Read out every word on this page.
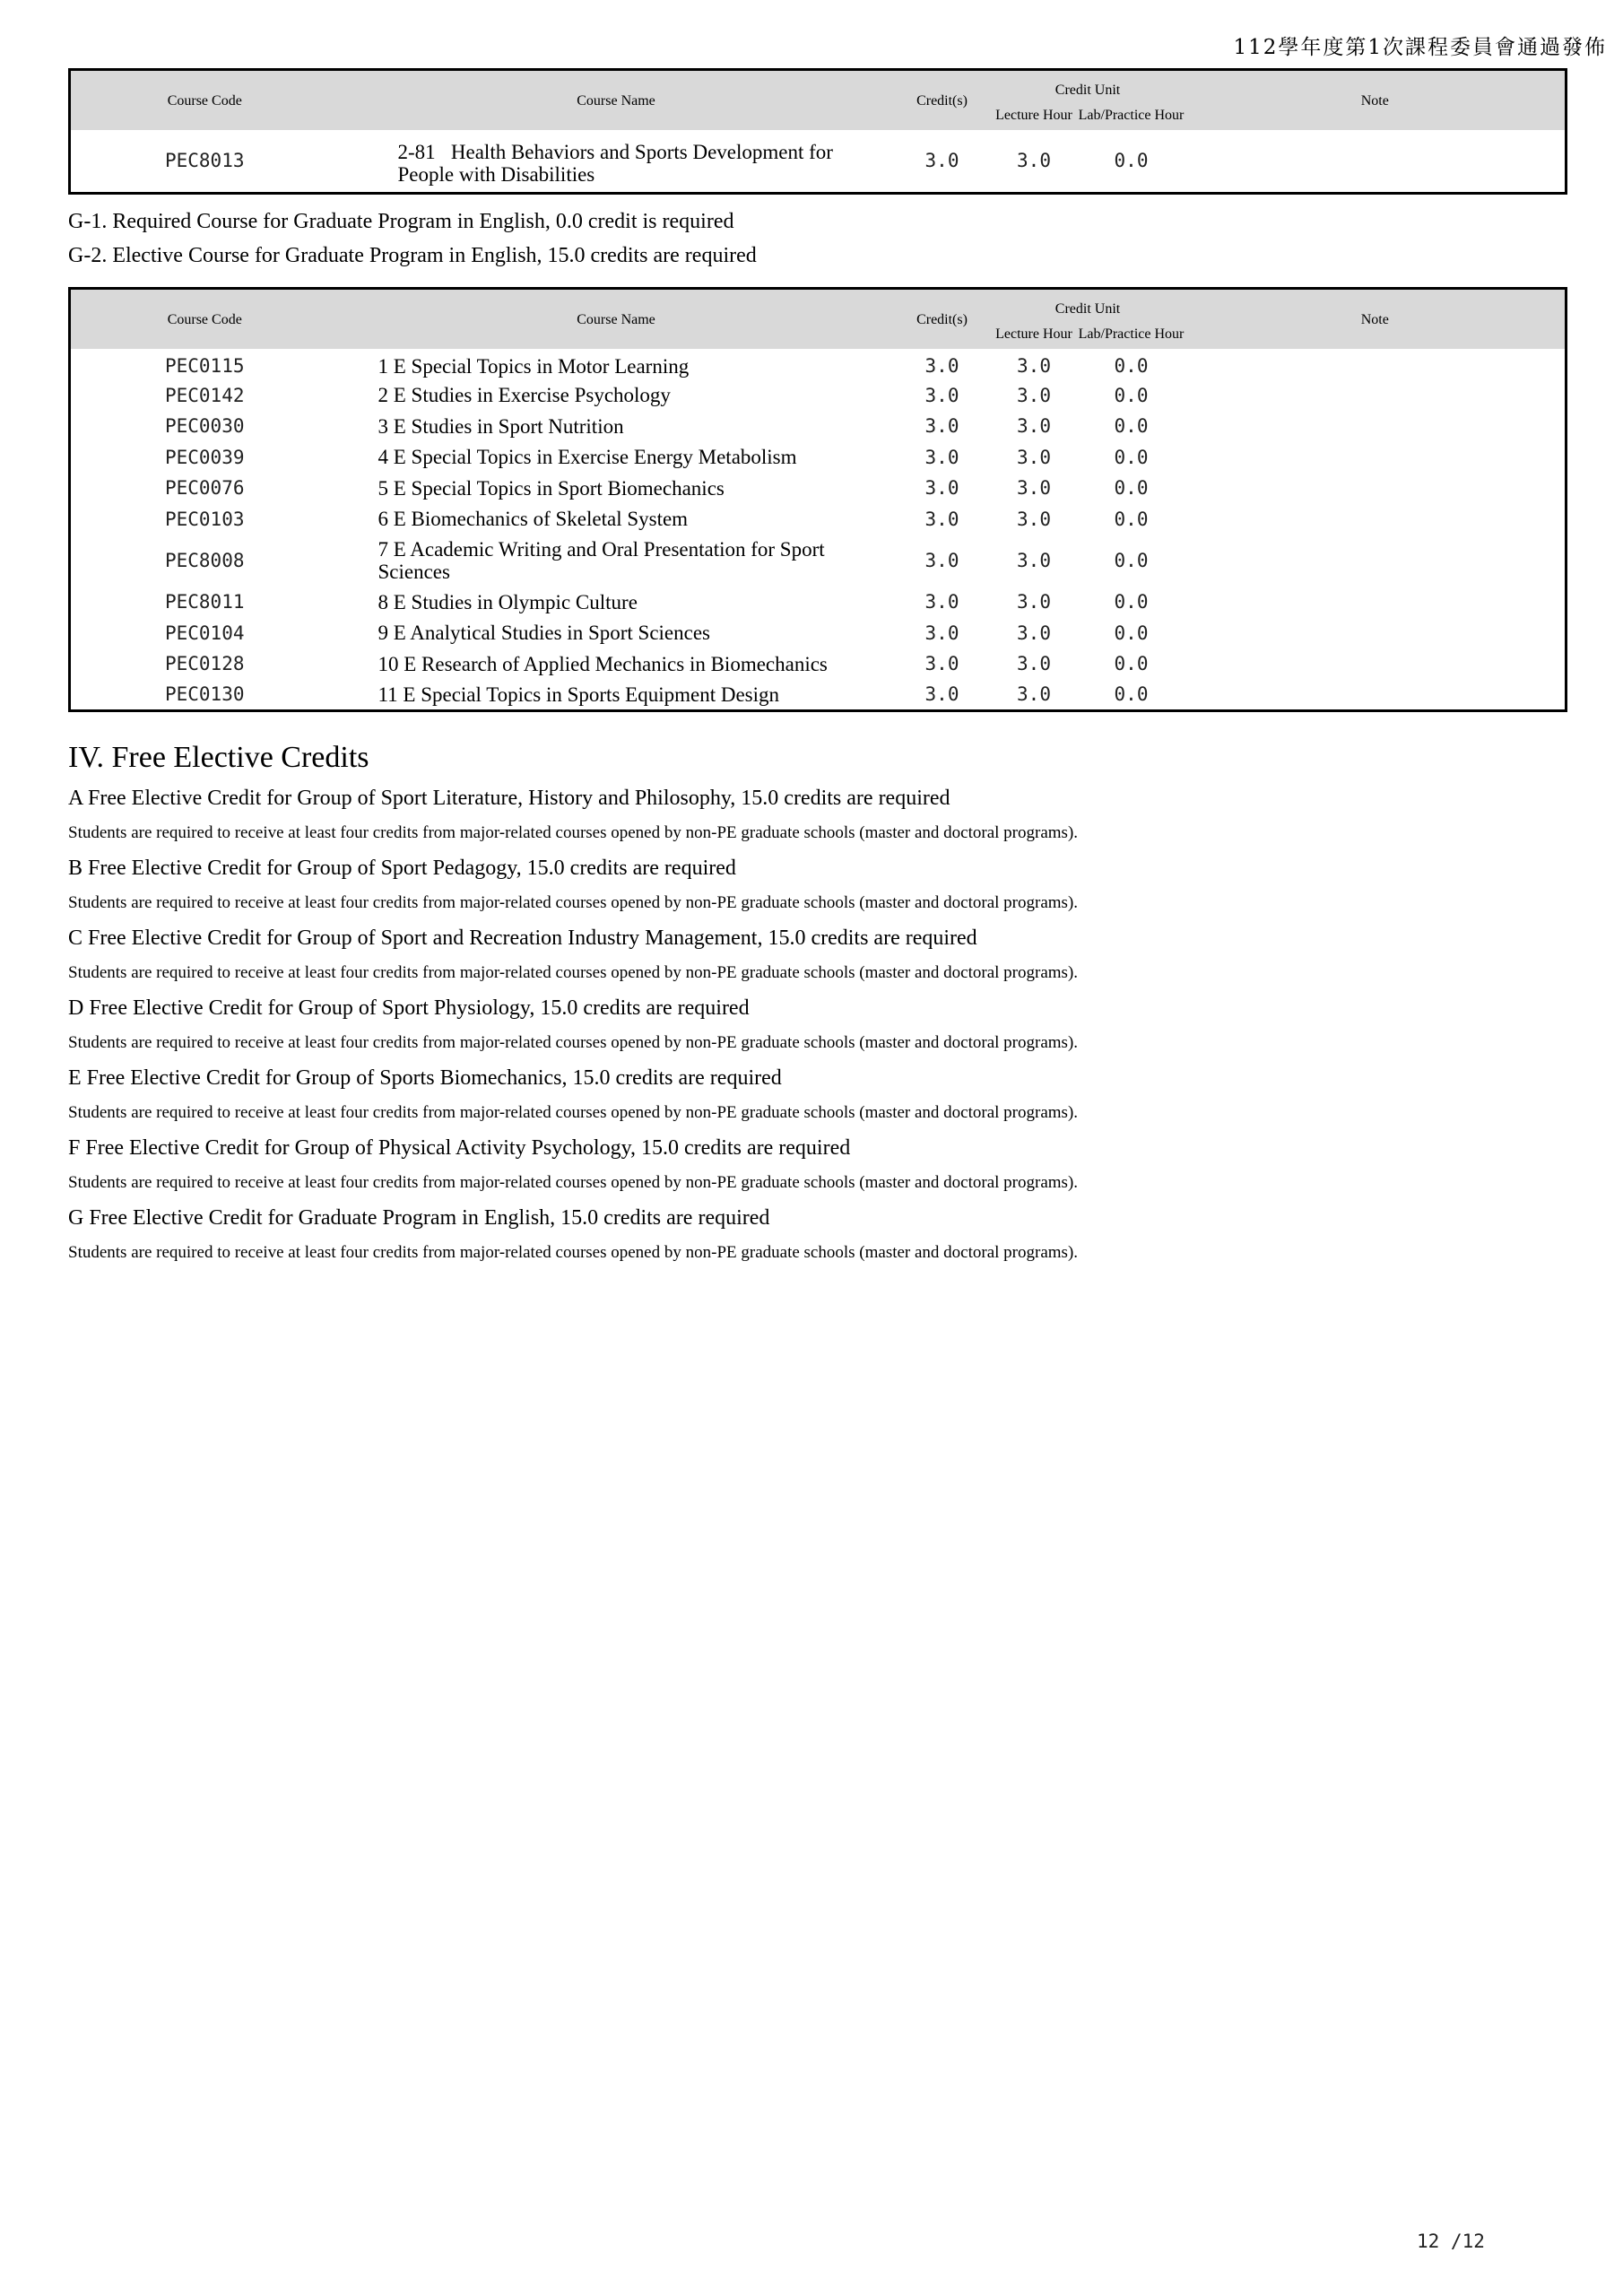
112學年度第1次課程委員會通過發佈
Course Code	Course Name	Credit(s)	Credit Unit		Note
			Lecture Hour	Lab/Practice Hour	
PEC8013	2-81   Health Behaviors and Sports Development for People with Disabilities	3.0	3.0	0.0	
G-1. Required Course for Graduate Program in English, 0.0 credit is required
G-2. Elective Course for Graduate Program in English, 15.0 credits are required
Course Code	Course Name	Credit(s)	Credit Unit		Note
			Lecture Hour	Lab/Practice Hour	
PEC0115	1 E Special Topics in Motor Learning	3.0	3.0	0.0	
PEC0142	2 E Studies in Exercise Psychology	3.0	3.0	0.0	
PEC0030	3 E Studies in Sport Nutrition	3.0	3.0	0.0	
PEC0039	4 E Special Topics in Exercise Energy Metabolism	3.0	3.0	0.0	
PEC0076	5 E Special Topics in Sport Biomechanics	3.0	3.0	0.0	
PEC0103	6 E Biomechanics of Skeletal System	3.0	3.0	0.0	
PEC8008	7 E Academic Writing and Oral Presentation for Sport Sciences	3.0	3.0	0.0	
PEC8011	8 E Studies in Olympic Culture	3.0	3.0	0.0	
PEC0104	9 E Analytical Studies in Sport Sciences	3.0	3.0	0.0	
PEC0128	10 E Research of Applied Mechanics in Biomechanics	3.0	3.0	0.0	
PEC0130	11 E Special Topics in Sports Equipment Design	3.0	3.0	0.0	
IV. Free Elective Credits
A Free Elective Credit for Group of Sport Literature, History and Philosophy, 15.0 credits are required
Students are required to receive at least four credits from major-related courses opened by non-PE graduate schools (master and doctoral programs).
B Free Elective Credit for Group of Sport Pedagogy, 15.0 credits are required
Students are required to receive at least four credits from major-related courses opened by non-PE graduate schools (master and doctoral programs).
C Free Elective Credit for Group of Sport and Recreation Industry Management, 15.0 credits are required
Students are required to receive at least four credits from major-related courses opened by non-PE graduate schools (master and doctoral programs).
D Free Elective Credit for Group of Sport Physiology, 15.0 credits are required
Students are required to receive at least four credits from major-related courses opened by non-PE graduate schools (master and doctoral programs).
E Free Elective Credit for Group of Sports Biomechanics, 15.0 credits are required
Students are required to receive at least four credits from major-related courses opened by non-PE graduate schools (master and doctoral programs).
F Free Elective Credit for Group of Physical Activity Psychology, 15.0 credits are required
Students are required to receive at least four credits from major-related courses opened by non-PE graduate schools (master and doctoral programs).
G Free Elective Credit for Graduate Program in English, 15.0 credits are required
Students are required to receive at least four credits from major-related courses opened by non-PE graduate schools (master and doctoral programs).
12 /12
